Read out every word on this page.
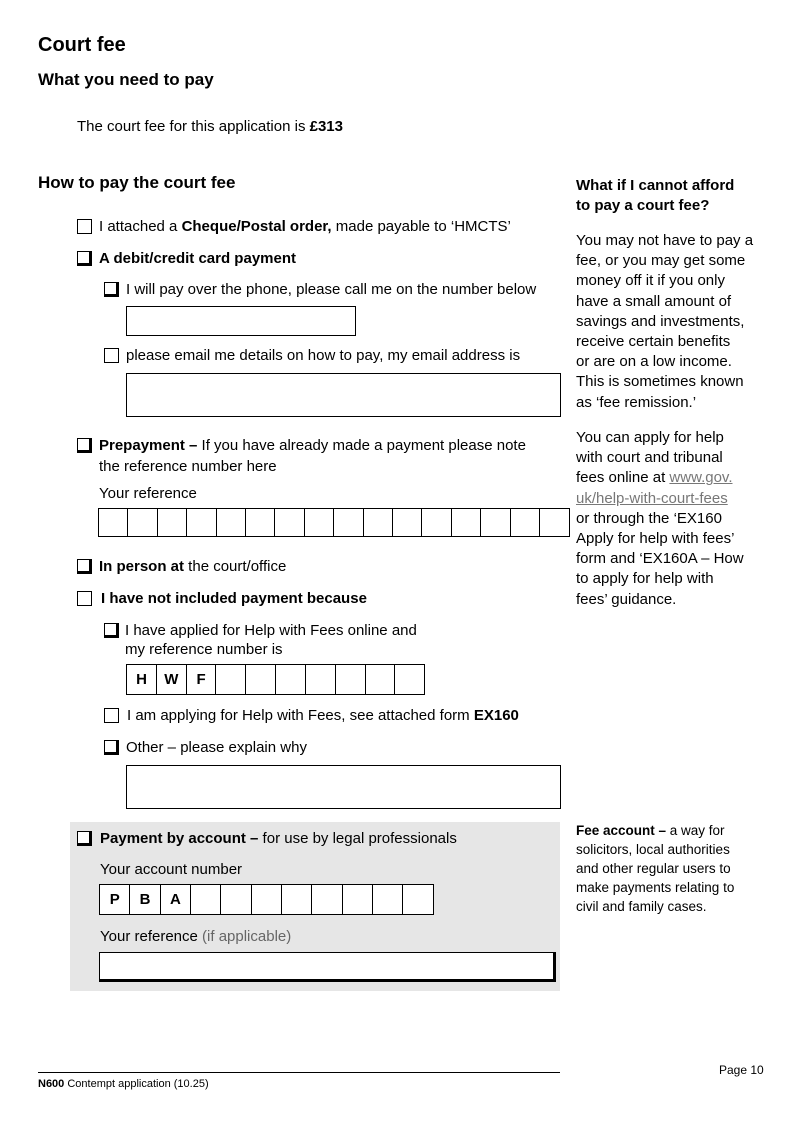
Court fee
What you need to pay
The court fee for this application is £313
How to pay the court fee
I attached a Cheque/Postal order, made payable to ‘HMCTS’
A debit/credit card payment
I will pay over the phone, please call me on the number below
please email me details on how to pay, my email address is
Prepayment – If you have already made a payment please note
the reference number here
Your reference
In person at the court/office
I have not included payment because
I have applied for Help with Fees online and
my reference number is
H	W	F
I am applying for Help with Fees, see attached form EX160
Other – please explain why
Payment by account – for use by legal professionals
Your account number
P	B	A
Your reference (if applicable)
What if I cannot afford
to pay a court fee?
You may not have to pay a
fee, or you may get some
money off it if you only
have a small amount of
savings and investments,
receive certain benefits
or are on a low income.
This is sometimes known
as ‘fee remission.’
You can apply for help
with court and tribunal
fees online at www.gov.
uk/help-with-court-fees
or through the ‘EX160
Apply for help with fees’
form and ‘EX160A – How
to apply for help with
fees’ guidance.
Fee account – a way for
solicitors, local authorities
and other regular users to
make payments relating to
civil and family cases.
N600 Contempt application (10.25)
Page 10
